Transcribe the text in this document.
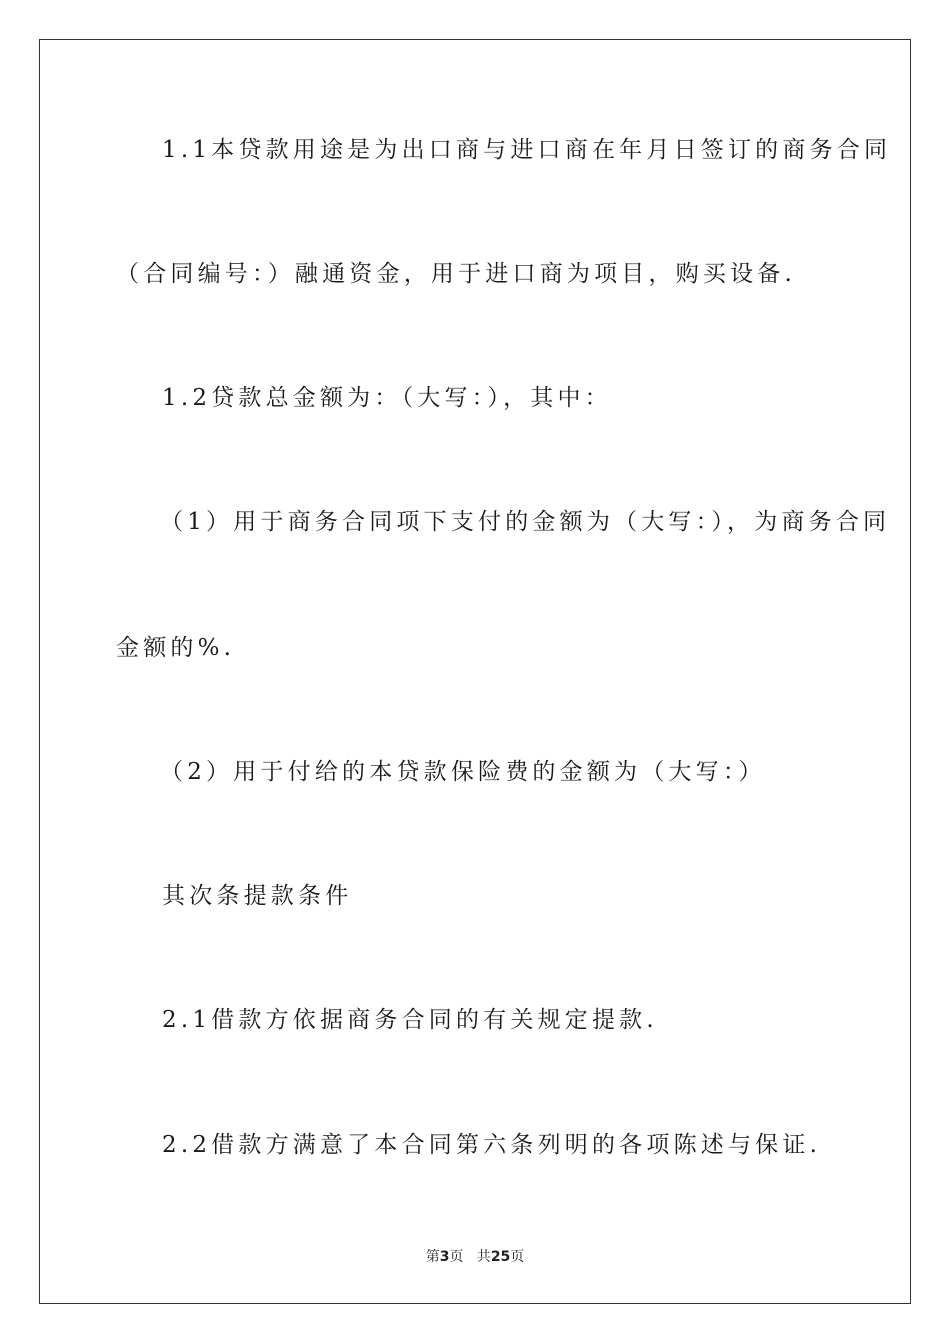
1.1本贷款用途是为出口商与进口商在年月日签订的商务合同
（合同编号：）融通资金，用于进口商为项目，购买设备.
1.2贷款总金额为：（大写：），其中：
（1）用于商务合同项下支付的金额为（大写：），为商务合同
金额的%.
（2）用于付给的本贷款保险费的金额为（大写：）
其次条提款条件
2.1借款方依据商务合同的有关规定提款.
2.2借款方满意了本合同第六条列明的各项陈述与保证.
第3页   共25页
